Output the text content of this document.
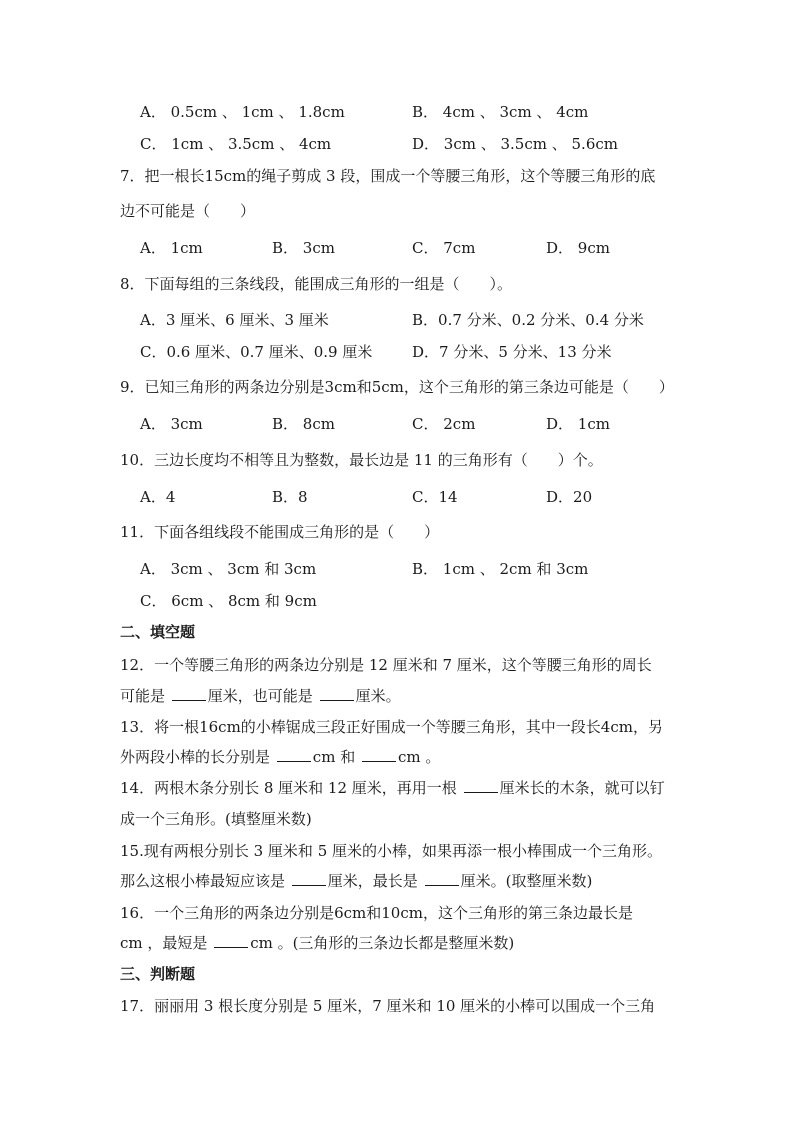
A． 0.5cm 、 1cm 、 1.8cm	B． 4cm 、 3cm 、 4cm
C． 1cm 、 3.5cm 、 4cm	D． 3cm 、 3.5cm 、 5.6cm
7．把一根长15cm的绳子剪成 3 段，围成一个等腰三角形，这个等腰三角形的底
边不可能是（　　）
A． 1cm	B． 3cm	C． 7cm	D． 9cm
8．下面每组的三条线段，能围成三角形的一组是（　　）。
A．3 厘米、6 厘米、3 厘米	B．0.7 分米、0.2 分米、0.4 分米
C．0.6 厘米、0.7 厘米、0.9 厘米	D．7 分米、5 分米、13 分米
9．已知三角形的两条边分别是3cm和5cm，这个三角形的第三条边可能是（　　）
A． 3cm	B． 8cm	C． 2cm	D． 1cm
10．三边长度均不相等且为整数，最长边是 11 的三角形有（　　）个。
A．4	B．8	C．14	D．20
11．下面各组线段不能围成三角形的是（　　）
A． 3cm 、 3cm 和 3cm	B． 1cm 、 2cm 和 3cm
C． 6cm 、 8cm 和 9cm
二、填空题
12．一个等腰三角形的两条边分别是 12 厘米和 7 厘米，这个等腰三角形的周长
可能是	厘米，也可能是	厘米。
13．将一根16cm的小棒锯成三段正好围成一个等腰三角形，其中一段长4cm，另
外两段小棒的长分别是	cm 和	cm 。
14．两根木条分别长 8 厘米和 12 厘米，再用一根	厘米长的木条，就可以钉
成一个三角形。(填整厘米数)
15.现有两根分别长 3 厘米和 5 厘米的小棒，如果再添一根小棒围成一个三角形。
那么这根小棒最短应该是	厘米，最长是	厘米。(取整厘米数)
16．一个三角形的两条边分别是6cm和10cm，这个三角形的第三条边最长是
cm ，最短是	cm 。(三角形的三条边长都是整厘米数)
三、判断题
17．丽丽用 3 根长度分别是 5 厘米，7 厘米和 10 厘米的小棒可以围成一个三角
